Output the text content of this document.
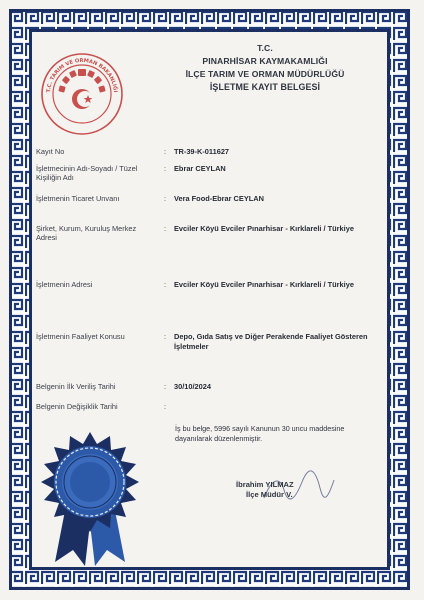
T.C. TARIM VE ORMAN BAKANLIĞI
T.C.
PINARHİSAR KAYMAKAMLIĞI
İLÇE TARIM VE ORMAN MÜDÜRLÜĞÜ
İŞLETME KAYIT BELGESİ
Kayıt No	: TR-39-K-011627
İşletmecinin Adı-Soyadı / Tüzel Kişiliğin Adı
: Ebrar CEYLAN
İşletmenin Ticaret Unvanı	: Vera Food-Ebrar CEYLAN
Şirket, Kurum, Kuruluş Merkez Adresi
: Evciler Köyü Evciler Pınarhisar - Kırklareli / Türkiye
İşletmenin Adresi	: Evciler Köyü Evciler Pınarhisar - Kırklareli / Türkiye
İşletmenin Faaliyet Konusu	: Depo, Gıda Satış ve Diğer Perakende Faaliyet Gösteren İşletmeler
Belgenin İlk Veriliş Tarihi	: 30/10/2024
Belgenin Değişiklik Tarihi	:
İş bu belge, 5996 sayılı Kanunun 30 uncu maddesine dayanılarak düzenlenmiştir.
İbrahim YILMAZ
İlçe Müdür V.
